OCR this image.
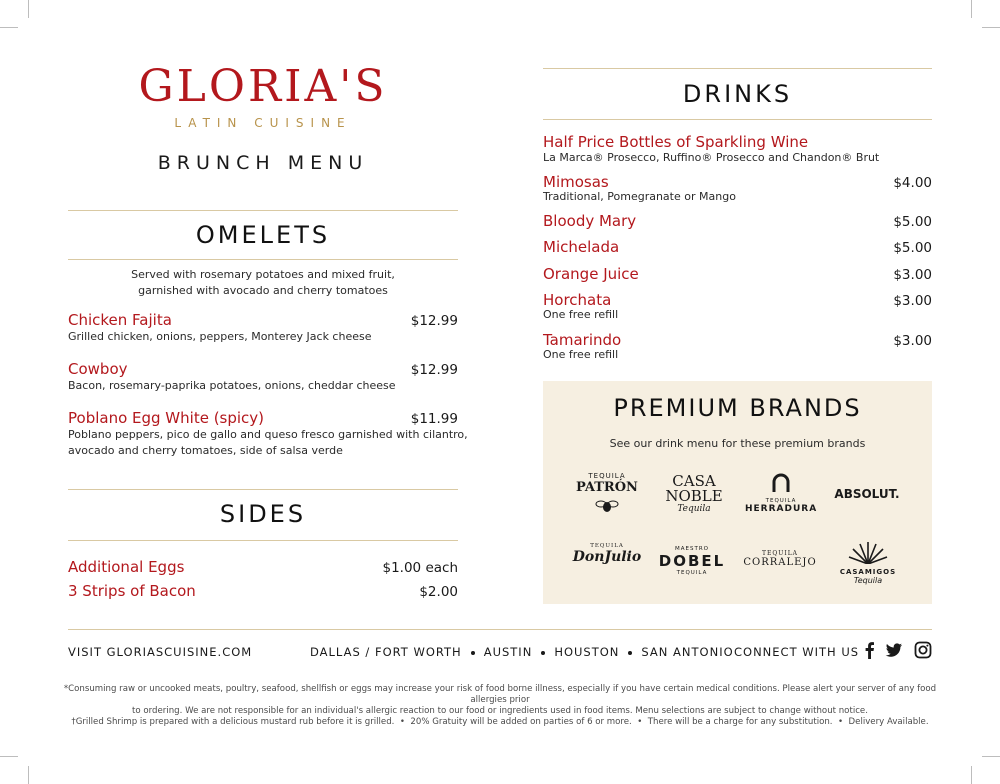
GLORIA'S
LATIN CUISINE
BRUNCH MENU
OMELETS
Served with rosemary potatoes and mixed fruit,
garnished with avocado and cherry tomatoes
Chicken Fajita	$12.99
Grilled chicken, onions, peppers, Monterey Jack cheese
Cowboy	$12.99
Bacon, rosemary-paprika potatoes, onions, cheddar cheese
Poblano Egg White (spicy)	$11.99
Poblano peppers, pico de gallo and queso fresco garnished with cilantro,
avocado and cherry tomatoes, side of salsa verde
SIDES
Additional Eggs	$1.00 each
3 Strips of Bacon	$2.00
DRINKS
Half Price Bottles of Sparkling Wine
La Marca® Prosecco, Ruffino® Prosecco and Chandon® Brut
Mimosas	$4.00
Traditional, Pomegranate or Mango
Bloody Mary	$5.00
Michelada	$5.00
Orange Juice	$3.00
Horchata	$3.00
One free refill
Tamarindo	$3.00
One free refill
PREMIUM BRANDS
See our drink menu for these premium brands
TEQUILA
PATRÓN	CASA
NOBLE
Tequila
TEQUILA
HERRADURA
ABSOLUT.
TEQUILA
DonJulio	MAESTRO
DOBEL
TEQUILA
TEQUILA
CORRALEJO
CASAMIGOS
Tequila
VISIT GLORIASCUISINE.COM	DALLAS / FORT WORTH AUSTIN HOUSTON SAN ANTONIO CONNECT WITH US
*Consuming raw or uncooked meats, poultry, seafood, shellfish or eggs may increase your risk of food borne illness, especially if you have certain medical conditions. Please alert your server of any food allergies prior
to ordering. We are not responsible for an individual's allergic reaction to our food or ingredients used in food items. Menu selections are subject to change without notice.
†Grilled Shrimp is prepared with a delicious mustard rub before it is grilled.  •  20% Gratuity will be added on parties of 6 or more.  •  There will be a charge for any substitution.  •  Delivery Available.
